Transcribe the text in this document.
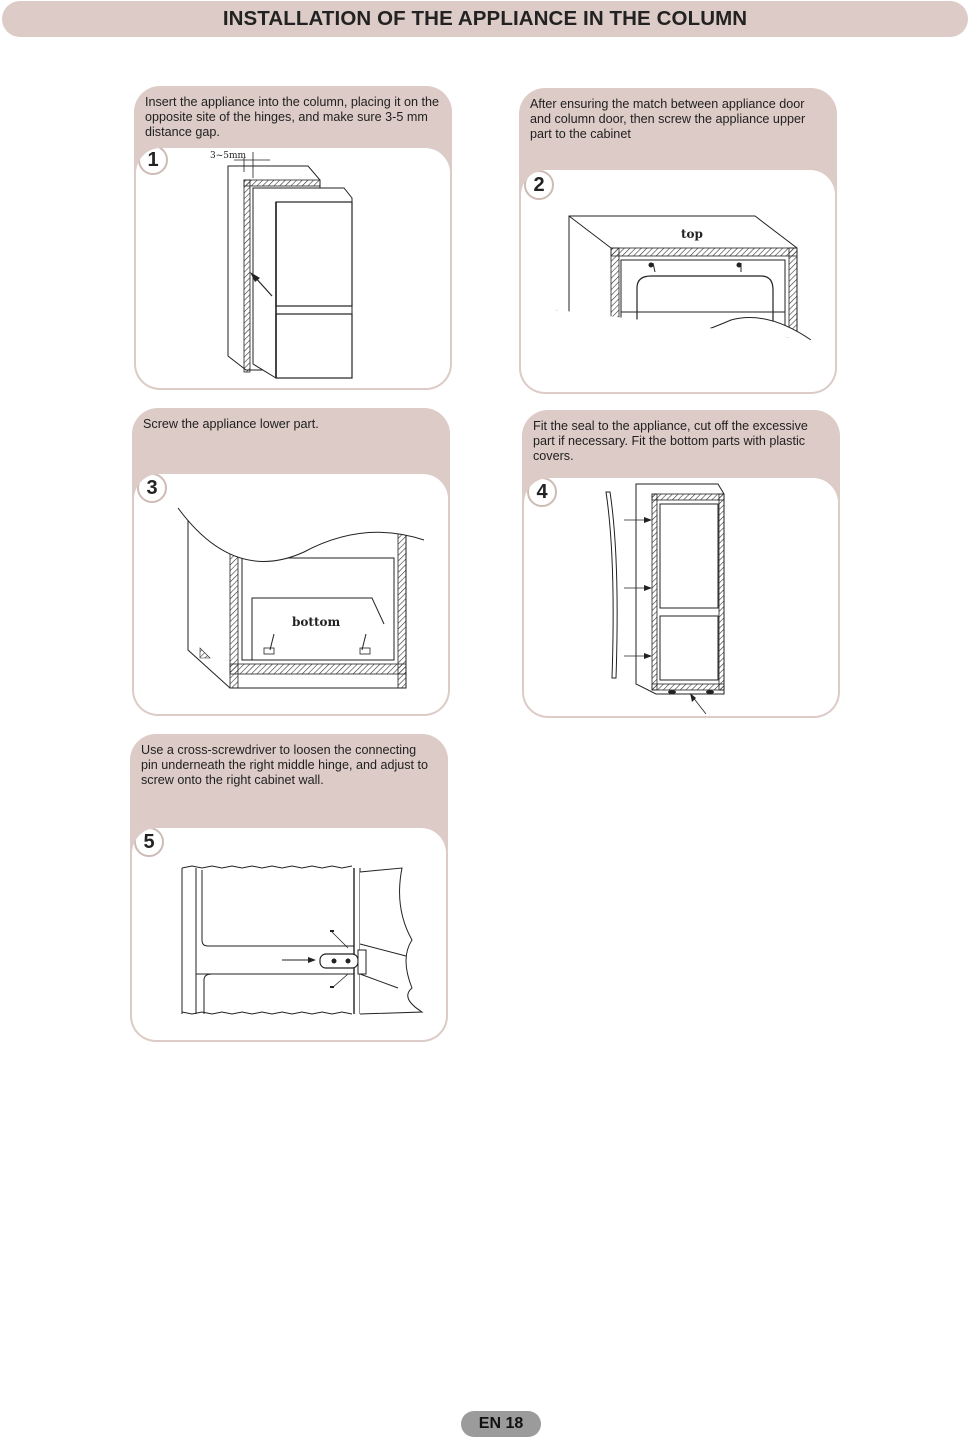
INSTALLATION OF THE APPLIANCE IN THE COLUMN
Insert the appliance into the column, placing it on the opposite site of the hinges, and make sure 3-5 mm distance gap.
3~5mm
1
After ensuring the match between appliance door and column door, then screw the appliance upper part to the cabinet
top
2
Screw the appliance lower part.
bottom
3
Fit the seal to the appliance, cut off the excessive part if necessary. Fit the bottom parts with plastic covers.
4
Use a cross-screwdriver to loosen the connecting pin underneath the right middle hinge, and adjust to screw onto the right cabinet wall.
5
EN 18
